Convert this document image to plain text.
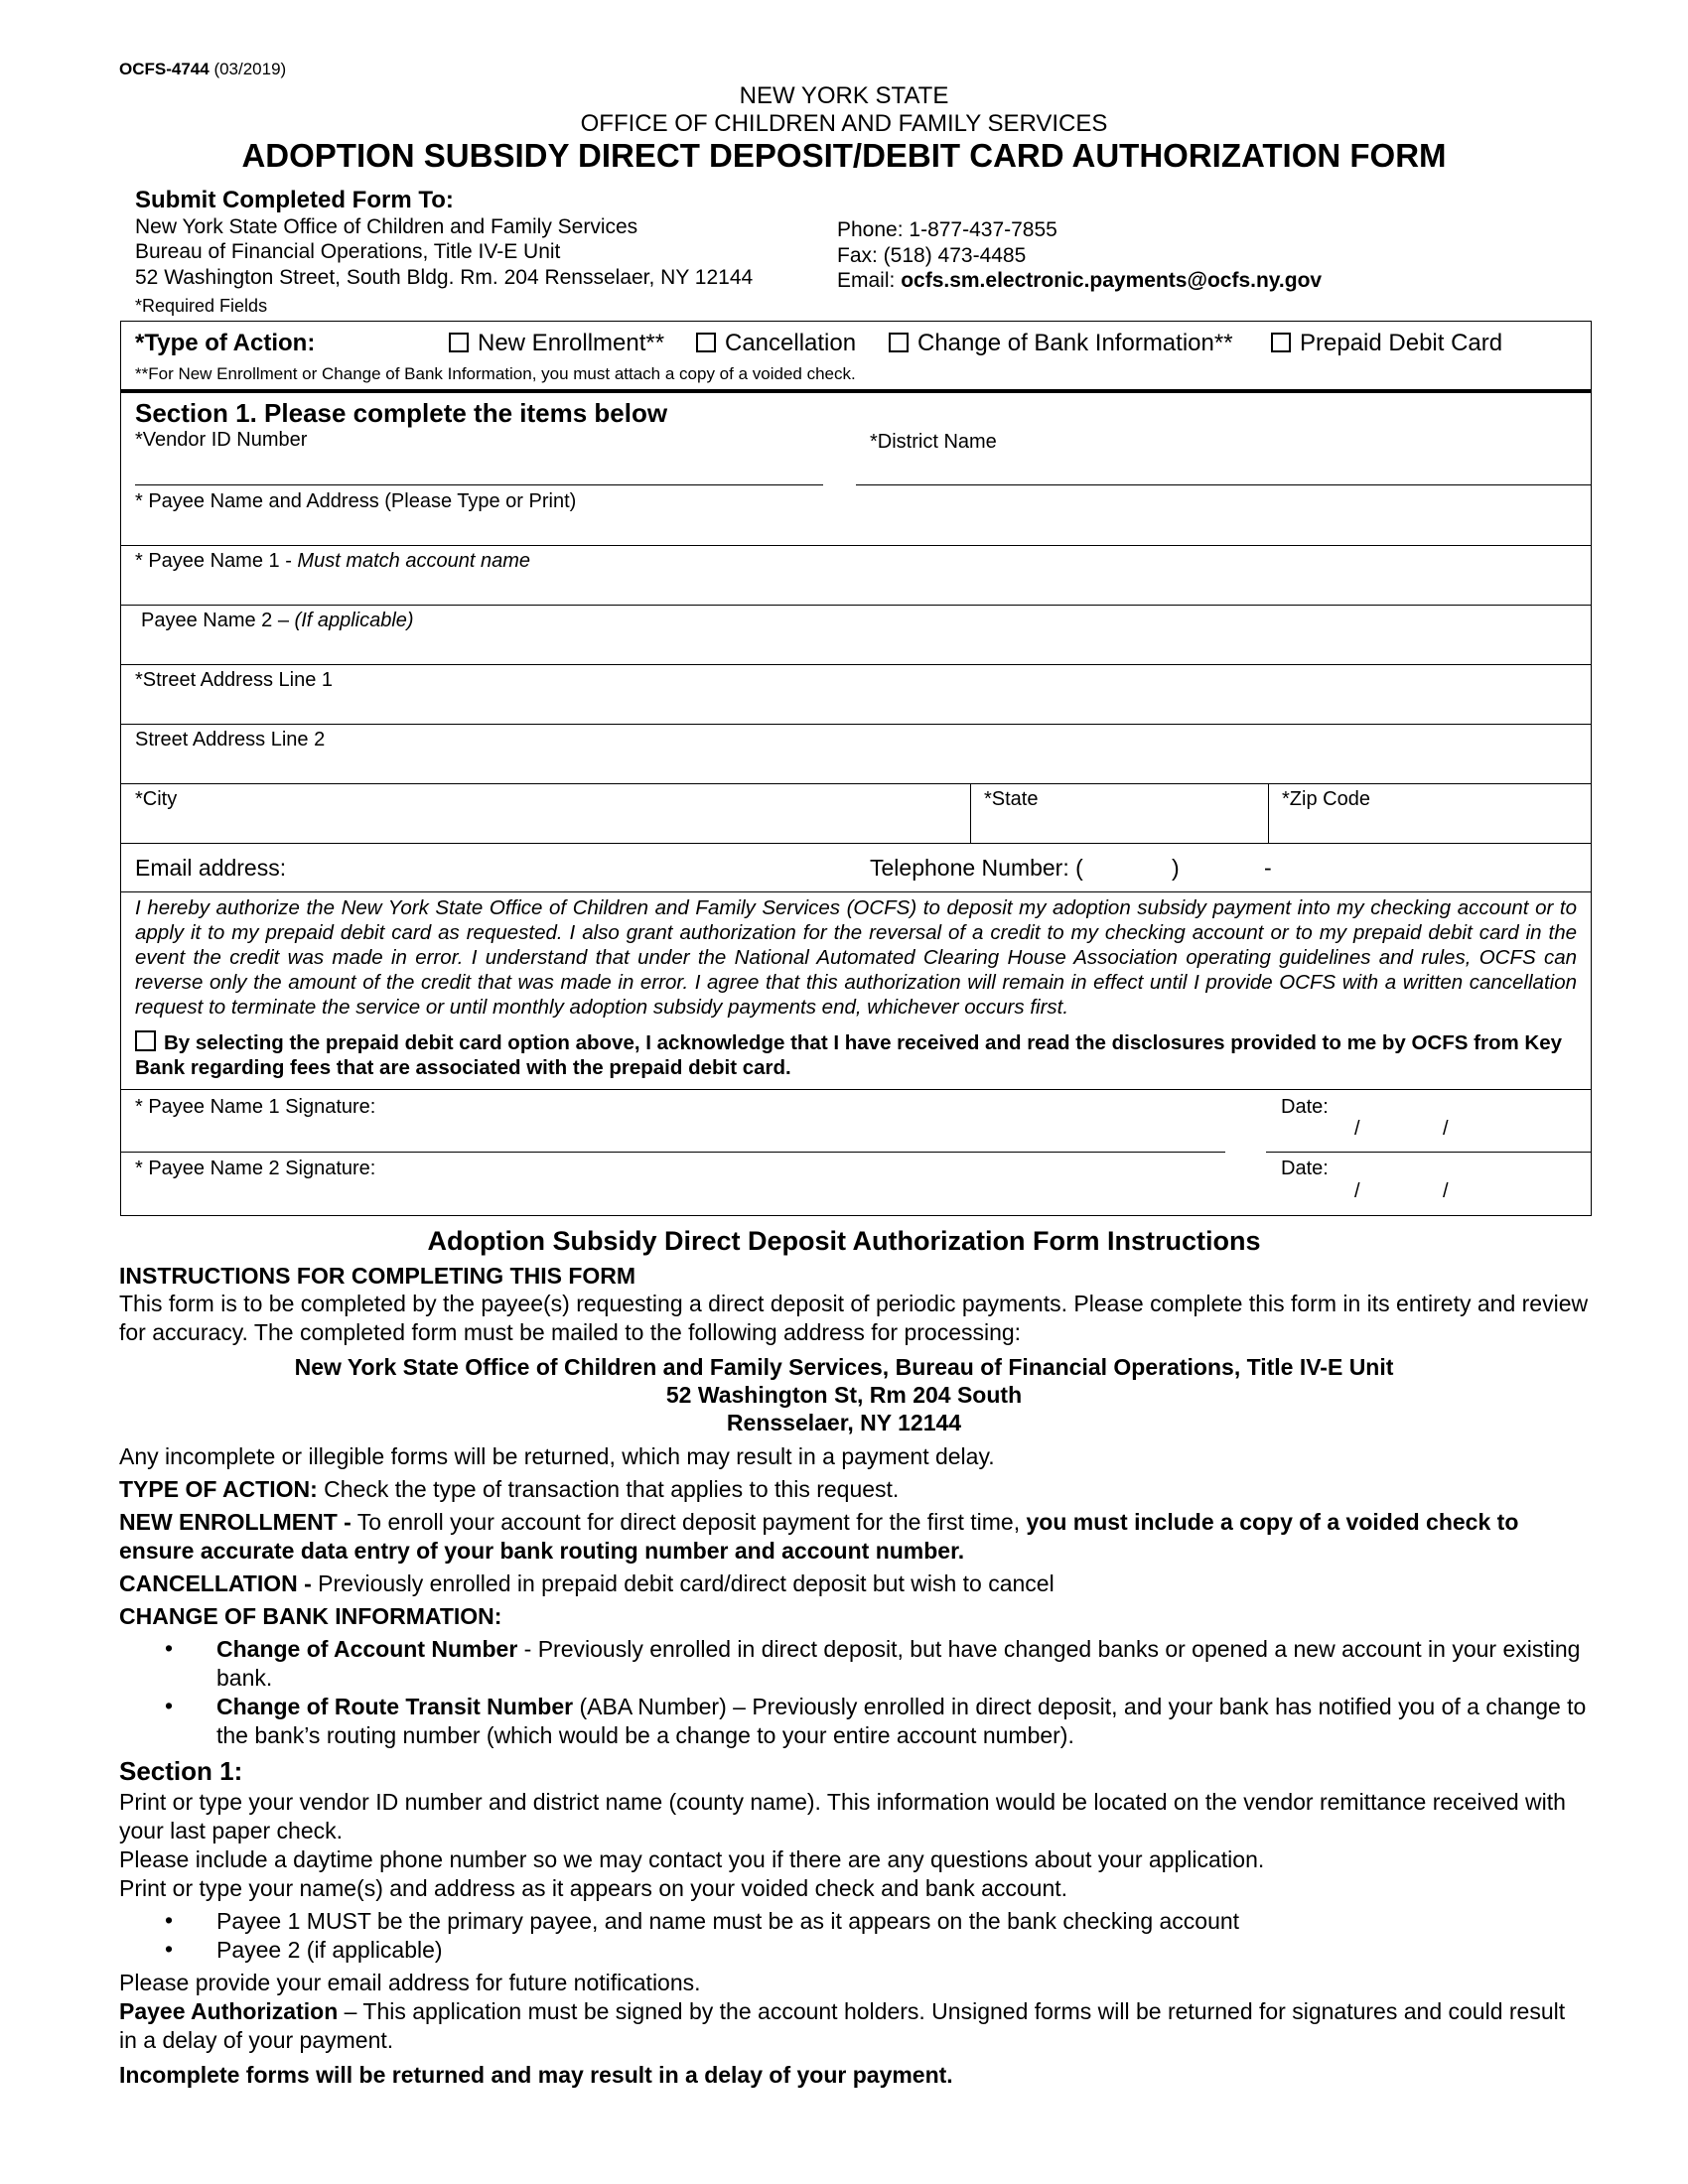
OCFS-4744 (03/2019)
NEW YORK STATE
OFFICE OF CHILDREN AND FAMILY SERVICES
ADOPTION SUBSIDY DIRECT DEPOSIT/DEBIT CARD AUTHORIZATION FORM
Submit Completed Form To:
New York State Office of Children and Family Services
Bureau of Financial Operations, Title IV-E Unit
52 Washington Street, South Bldg. Rm. 204 Rensselaer, NY 12144
Phone: 1-877-437-7855
Fax: (518) 473-4485
Email: ocfs.sm.electronic.payments@ocfs.ny.gov
*Required Fields
*Type of Action:	New Enrollment**	Cancellation	Change of Bank Information**	Prepaid Debit Card
**For New Enrollment or Change of Bank Information, you must attach a copy of a voided check.
Section 1. Please complete the items below
*Vendor ID Number	*District Name
* Payee Name and Address (Please Type or Print)
* Payee Name 1 - Must match account name
Payee Name 2 – (If applicable)
*Street Address Line 1
Street Address Line 2
*City	*State	*Zip Code
Email address:	Telephone Number: (	)	-
* Payee Name 1 Signature:	Date:
/	/
* Payee Name 2 Signature:	Date:
/	/
I hereby authorize the New York State Office of Children and Family Services (OCFS) to deposit my adoption subsidy payment into my checking account or to apply it to my prepaid debit card as requested. I also grant authorization for the reversal of a credit to my checking account or to my prepaid debit card in the event the credit was made in error. I understand that under the National Automated Clearing House Association operating guidelines and rules, OCFS can reverse only the amount of the credit that was made in error. I agree that this authorization will remain in effect until I provide OCFS with a written cancellation request to terminate the service or until monthly adoption subsidy payments end, whichever occurs first.
By selecting the prepaid debit card option above, I acknowledge that I have received and read the disclosures provided to me by OCFS from Key Bank regarding fees that are associated with the prepaid debit card.
Adoption Subsidy Direct Deposit Authorization Form Instructions
INSTRUCTIONS FOR COMPLETING THIS FORM
This form is to be completed by the payee(s) requesting a direct deposit of periodic payments. Please complete this form in its entirety and review for accuracy. The completed form must be mailed to the following address for processing:
New York State Office of Children and Family Services, Bureau of Financial Operations, Title IV-E Unit
52 Washington St, Rm 204 South
Rensselaer, NY 12144
Any incomplete or illegible forms will be returned, which may result in a payment delay.
TYPE OF ACTION: Check the type of transaction that applies to this request.
NEW ENROLLMENT - To enroll your account for direct deposit payment for the first time, you must include a copy of a voided check to ensure accurate data entry of your bank routing number and account number.
CANCELLATION - Previously enrolled in prepaid debit card/direct deposit but wish to cancel
CHANGE OF BANK INFORMATION:
• Change of Account Number - Previously enrolled in direct deposit, but have changed banks or opened a new account in your existing bank.
• Change of Route Transit Number (ABA Number) – Previously enrolled in direct deposit, and your bank has notified you of a change to the bank’s routing number (which would be a change to your entire account number).
Section 1:
Print or type your vendor ID number and district name (county name). This information would be located on the vendor remittance received with your last paper check.
Please include a daytime phone number so we may contact you if there are any questions about your application.
Print or type your name(s) and address as it appears on your voided check and bank account.
• Payee 1 MUST be the primary payee, and name must be as it appears on the bank checking account
• Payee 2 (if applicable)
Please provide your email address for future notifications.
Payee Authorization – This application must be signed by the account holders. Unsigned forms will be returned for signatures and could result in a delay of your payment.
Incomplete forms will be returned and may result in a delay of your payment.
